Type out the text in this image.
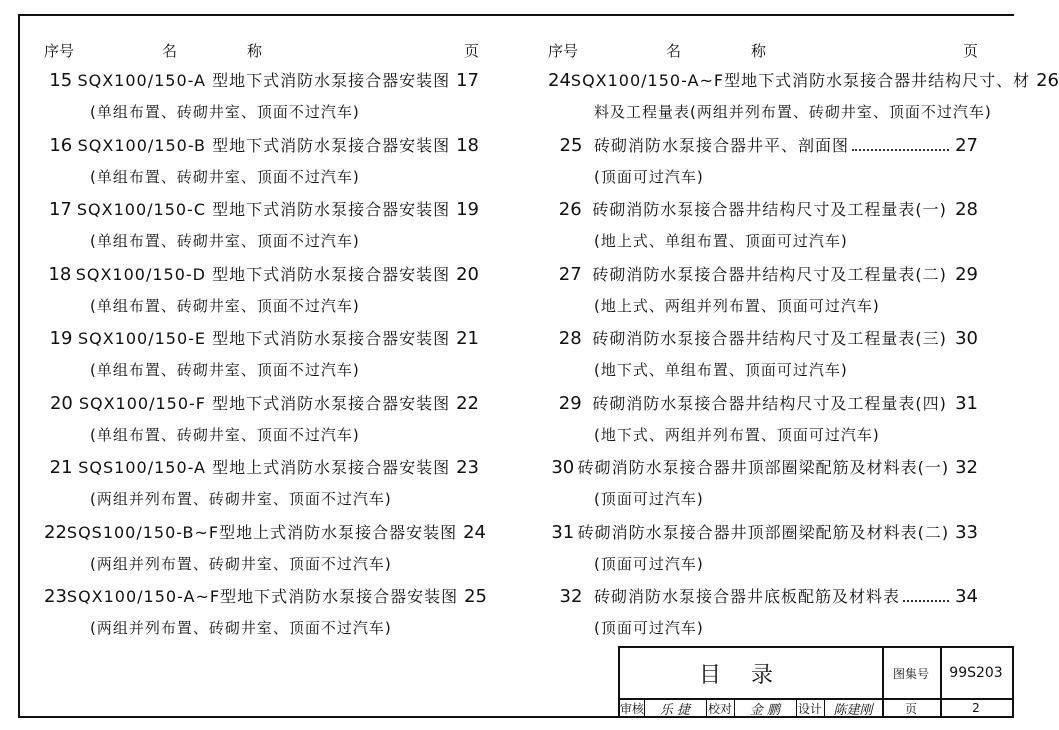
序号	名称	页
15 SQX100/150-A 型地下式消防水泵接合器安装图 17
(单组布置、砖砌井室、顶面不过汽车)
16 SQX100/150-B 型地下式消防水泵接合器安装图 18
(单组布置、砖砌井室、顶面不过汽车)
17 SQX100/150-C 型地下式消防水泵接合器安装图 19
(单组布置、砖砌井室、顶面不过汽车)
18 SQX100/150-D 型地下式消防水泵接合器安装图 20
(单组布置、砖砌井室、顶面不过汽车)
19 SQX100/150-E 型地下式消防水泵接合器安装图 21
(单组布置、砖砌井室、顶面不过汽车)
20 SQX100/150-F 型地下式消防水泵接合器安装图 22
(单组布置、砖砌井室、顶面不过汽车)
21 SQS100/150-A 型地上式消防水泵接合器安装图 23
(两组并列布置、砖砌井室、顶面不过汽车)
22 SQS100/150-B~F型地上式消防水泵接合器安装图 24
(两组并列布置、砖砌井室、顶面不过汽车)
23 SQX100/150-A~F型地下式消防水泵接合器安装图 25
(两组并列布置、砖砌井室、顶面不过汽车)
序号	名称	页
24 SQX100/150-A~F型地下式消防水泵接合器井结构尺寸、材 26
料及工程量表(两组并列布置、砖砌井室、顶面不过汽车)
25 砖砌消防水泵接合器井平、剖面图	27
(顶面可过汽车)
26 砖砌消防水泵接合器井结构尺寸及工程量表(一) 28
(地上式、单组布置、顶面可过汽车)
27 砖砌消防水泵接合器井结构尺寸及工程量表(二) 29
(地上式、两组并列布置、顶面可过汽车)
28 砖砌消防水泵接合器井结构尺寸及工程量表(三) 30
(地下式、单组布置、顶面可过汽车)
29 砖砌消防水泵接合器井结构尺寸及工程量表(四) 31
(地下式、两组并列布置、顶面可过汽车)
30 砖砌消防水泵接合器井顶部圈梁配筋及材料表(一) 32
(顶面可过汽车)
31 砖砌消防水泵接合器井顶部圈梁配筋及材料表(二) 33
(顶面可过汽车)
32 砖砌消防水泵接合器井底板配筋及材料表	34
(顶面可过汽车)
目录	图集号	99S203
审核	乐 捷	校对	金 鹏	设计 陈建刚	页	2
